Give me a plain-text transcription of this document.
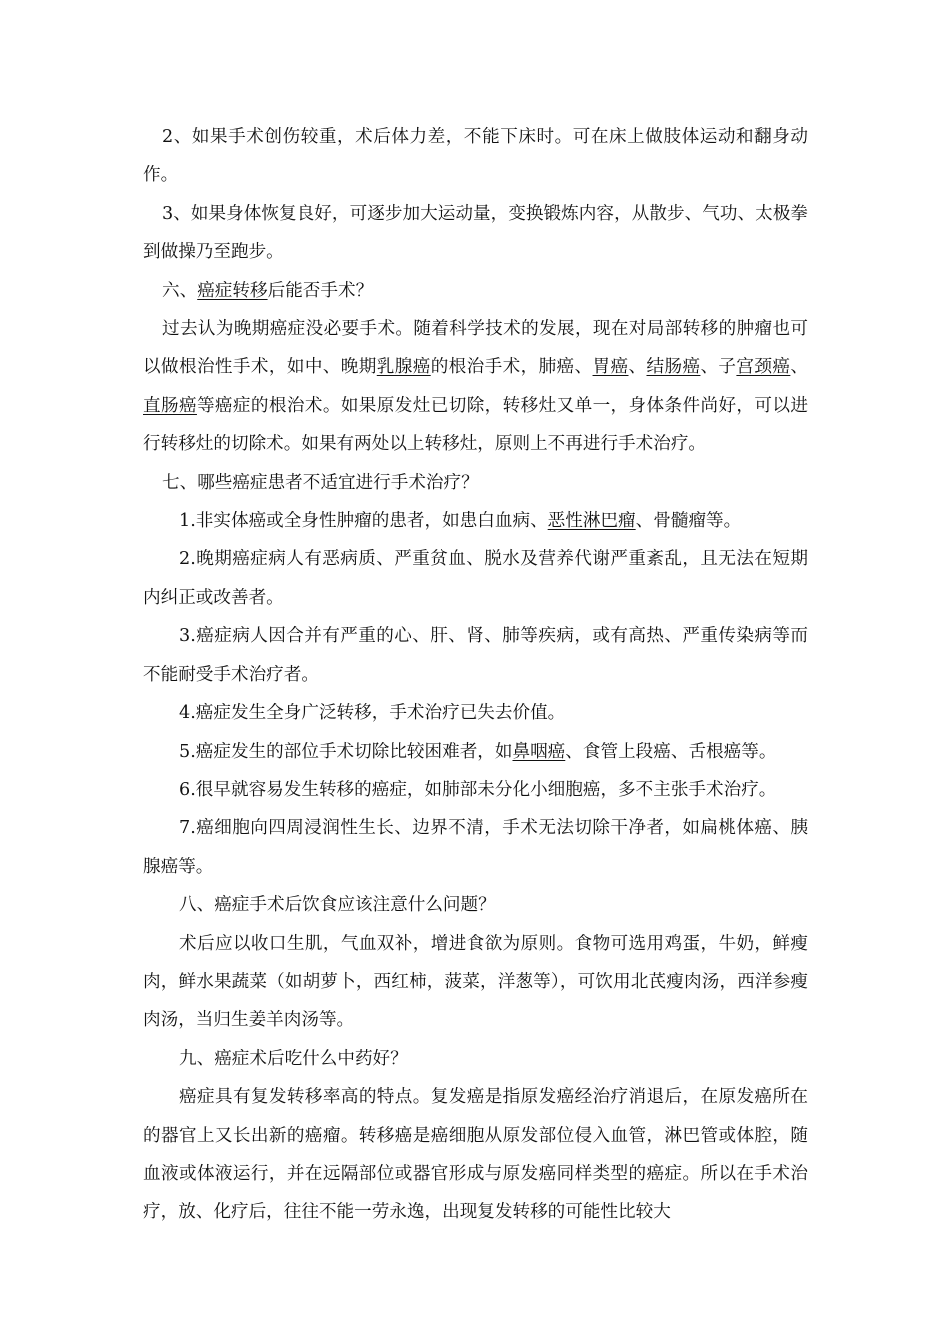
2、如果手术创伤较重，术后体力差，不能下床时。可在床上做肢体运动和翻身动作。

3、如果身体恢复良好，可逐步加大运动量，变换锻炼内容，从散步、气功、太极拳到做操乃至跑步。

六、癌症转移后能否手术？

过去认为晚期癌症没必要手术。随着科学技术的发展，现在对局部转移的肿瘤也可以做根治性手术，如中、晚期乳腺癌的根治手术，肺癌、胃癌、结肠癌、子宫颈癌、直肠癌等癌症的根治术。如果原发灶已切除，转移灶又单一，身体条件尚好，可以进行转移灶的切除术。如果有两处以上转移灶，原则上不再进行手术治疗。

七、哪些癌症患者不适宜进行手术治疗？

1.非实体癌或全身性肿瘤的患者，如患白血病、恶性淋巴瘤、骨髓瘤等。

2.晚期癌症病人有恶病质、严重贫血、脱水及营养代谢严重紊乱，且无法在短期内纠正或改善者。

3.癌症病人因合并有严重的心、肝、肾、肺等疾病，或有高热、严重传染病等而不能耐受手术治疗者。

4.癌症发生全身广泛转移，手术治疗已失去价值。

5.癌症发生的部位手术切除比较困难者，如鼻咽癌、食管上段癌、舌根癌等。

6.很早就容易发生转移的癌症，如肺部未分化小细胞癌，多不主张手术治疗。

7.癌细胞向四周浸润性生长、边界不清，手术无法切除干净者，如扁桃体癌、胰腺癌等。

八、癌症手术后饮食应该注意什么问题？

术后应以收口生肌，气血双补，增进食欲为原则。食物可选用鸡蛋，牛奶，鲜瘦肉，鲜水果蔬菜（如胡萝卜，西红柿，菠菜，洋葱等），可饮用北芪瘦肉汤，西洋参瘦肉汤，当归生姜羊肉汤等。

九、癌症术后吃什么中药好？

癌症具有复发转移率高的特点。复发癌是指原发癌经治疗消退后，在原发癌所在的器官上又长出新的癌瘤。转移癌是癌细胞从原发部位侵入血管，淋巴管或体腔，随血液或体液运行，并在远隔部位或器官形成与原发癌同样类型的癌症。所以在手术治疗，放、化疗后，往往不能一劳永逸，出现复发转移的可能性比较大
